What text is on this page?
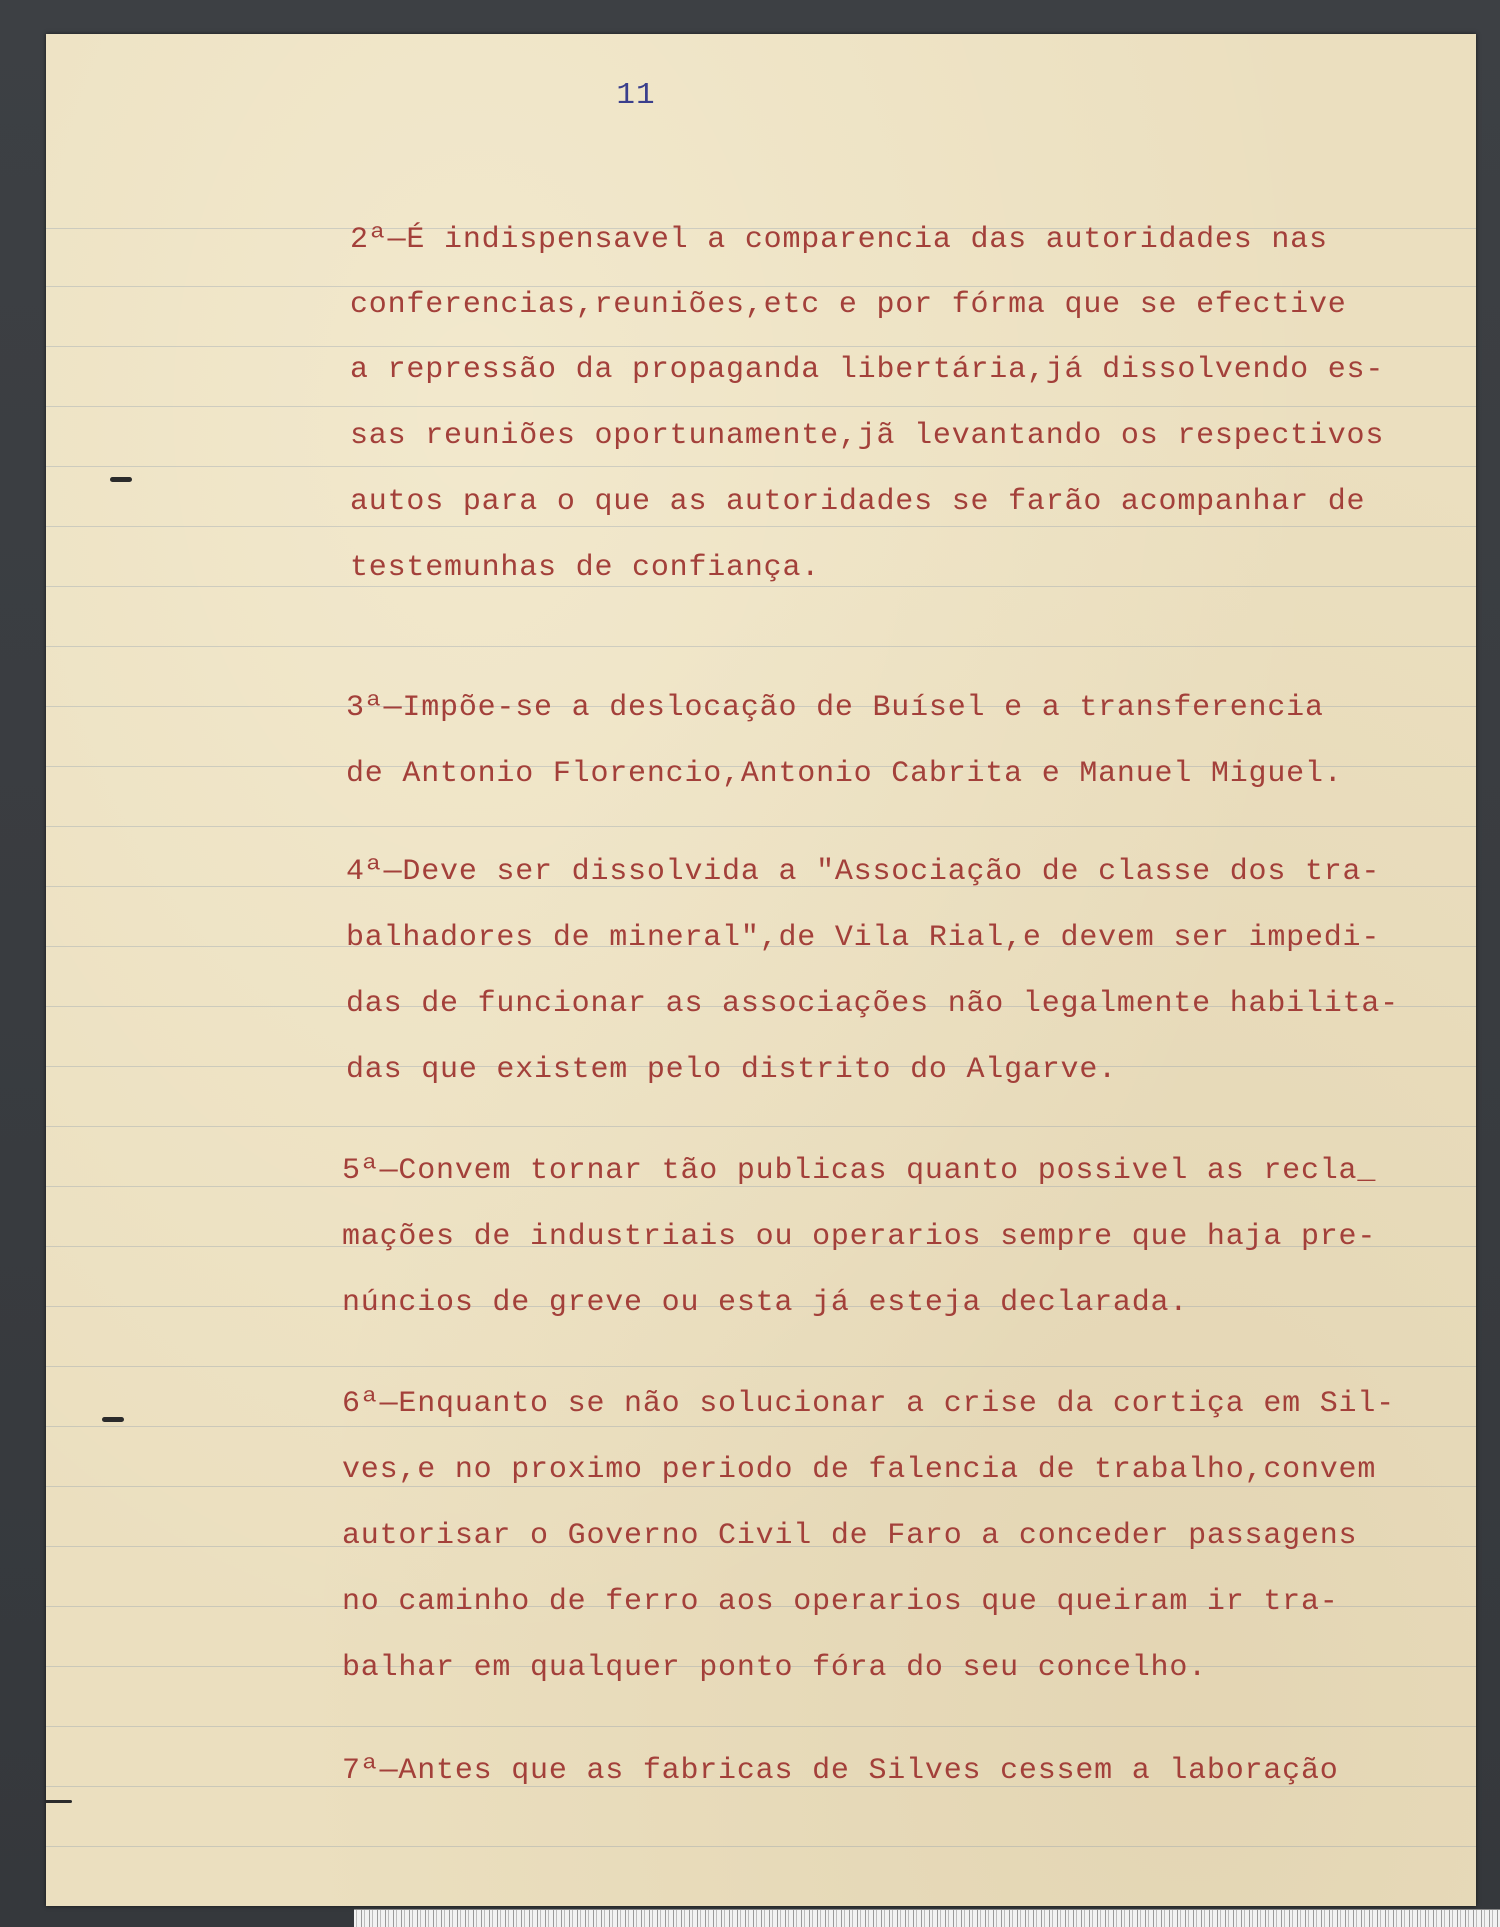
11
2ª—É indispensavel a comparencia das autoridades nas
conferencias,reuniões,etc e por fórma que se efective
a repressão da propaganda libertária,já dissolvendo es-
sas reuniões oportunamente,jã levantando os respectivos
autos para o que as autoridades se farão acompanhar de
testemunhas de confiança.
3ª—Impõe-se a deslocação de Buísel e a transferencia
de Antonio Florencio,Antonio Cabrita e Manuel Miguel.
4ª—Deve ser dissolvida a "Associação de classe dos tra-
balhadores de mineral",de Vila Rial,e devem ser impedi-
das de funcionar as associações não legalmente habilita-
das que existem pelo distrito do Algarve.
5ª—Convem tornar tão publicas quanto possivel as recla_
mações de industriais ou operarios sempre que haja pre-
núncios de greve ou esta já esteja declarada.
6ª—Enquanto se não solucionar a crise da cortiça em Sil-
ves,e no proximo periodo de falencia de trabalho,convem
autorisar o Governo Civil de Faro a conceder passagens
no caminho de ferro aos operarios que queiram ir tra-
balhar em qualquer ponto fóra do seu concelho.
7ª—Antes que as fabricas de Silves cessem a laboração
